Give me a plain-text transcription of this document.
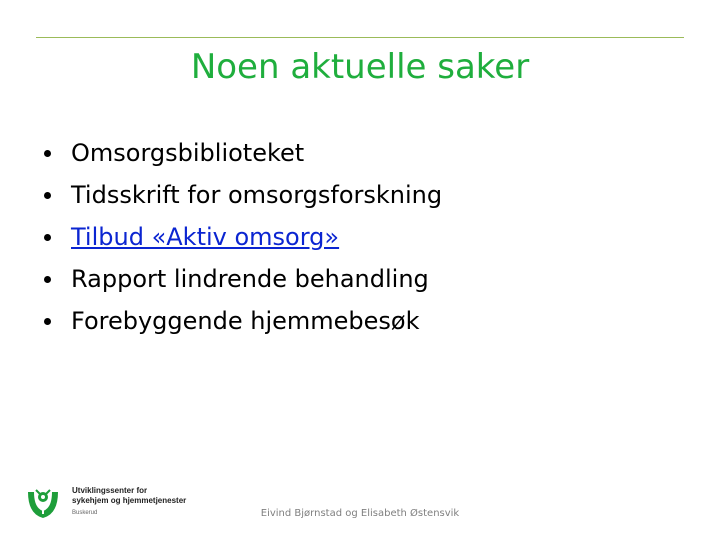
Noen aktuelle saker
Omsorgsbiblioteket
Tidsskrift for omsorgsforskning
Tilbud «Aktiv omsorg»
Rapport lindrende behandling
Forebyggende hjemmebesøk
Utviklingssenter for
sykehjem og hjemmetjenester
Buskerud	Eivind Bjørnstad og Elisabeth Østensvik
